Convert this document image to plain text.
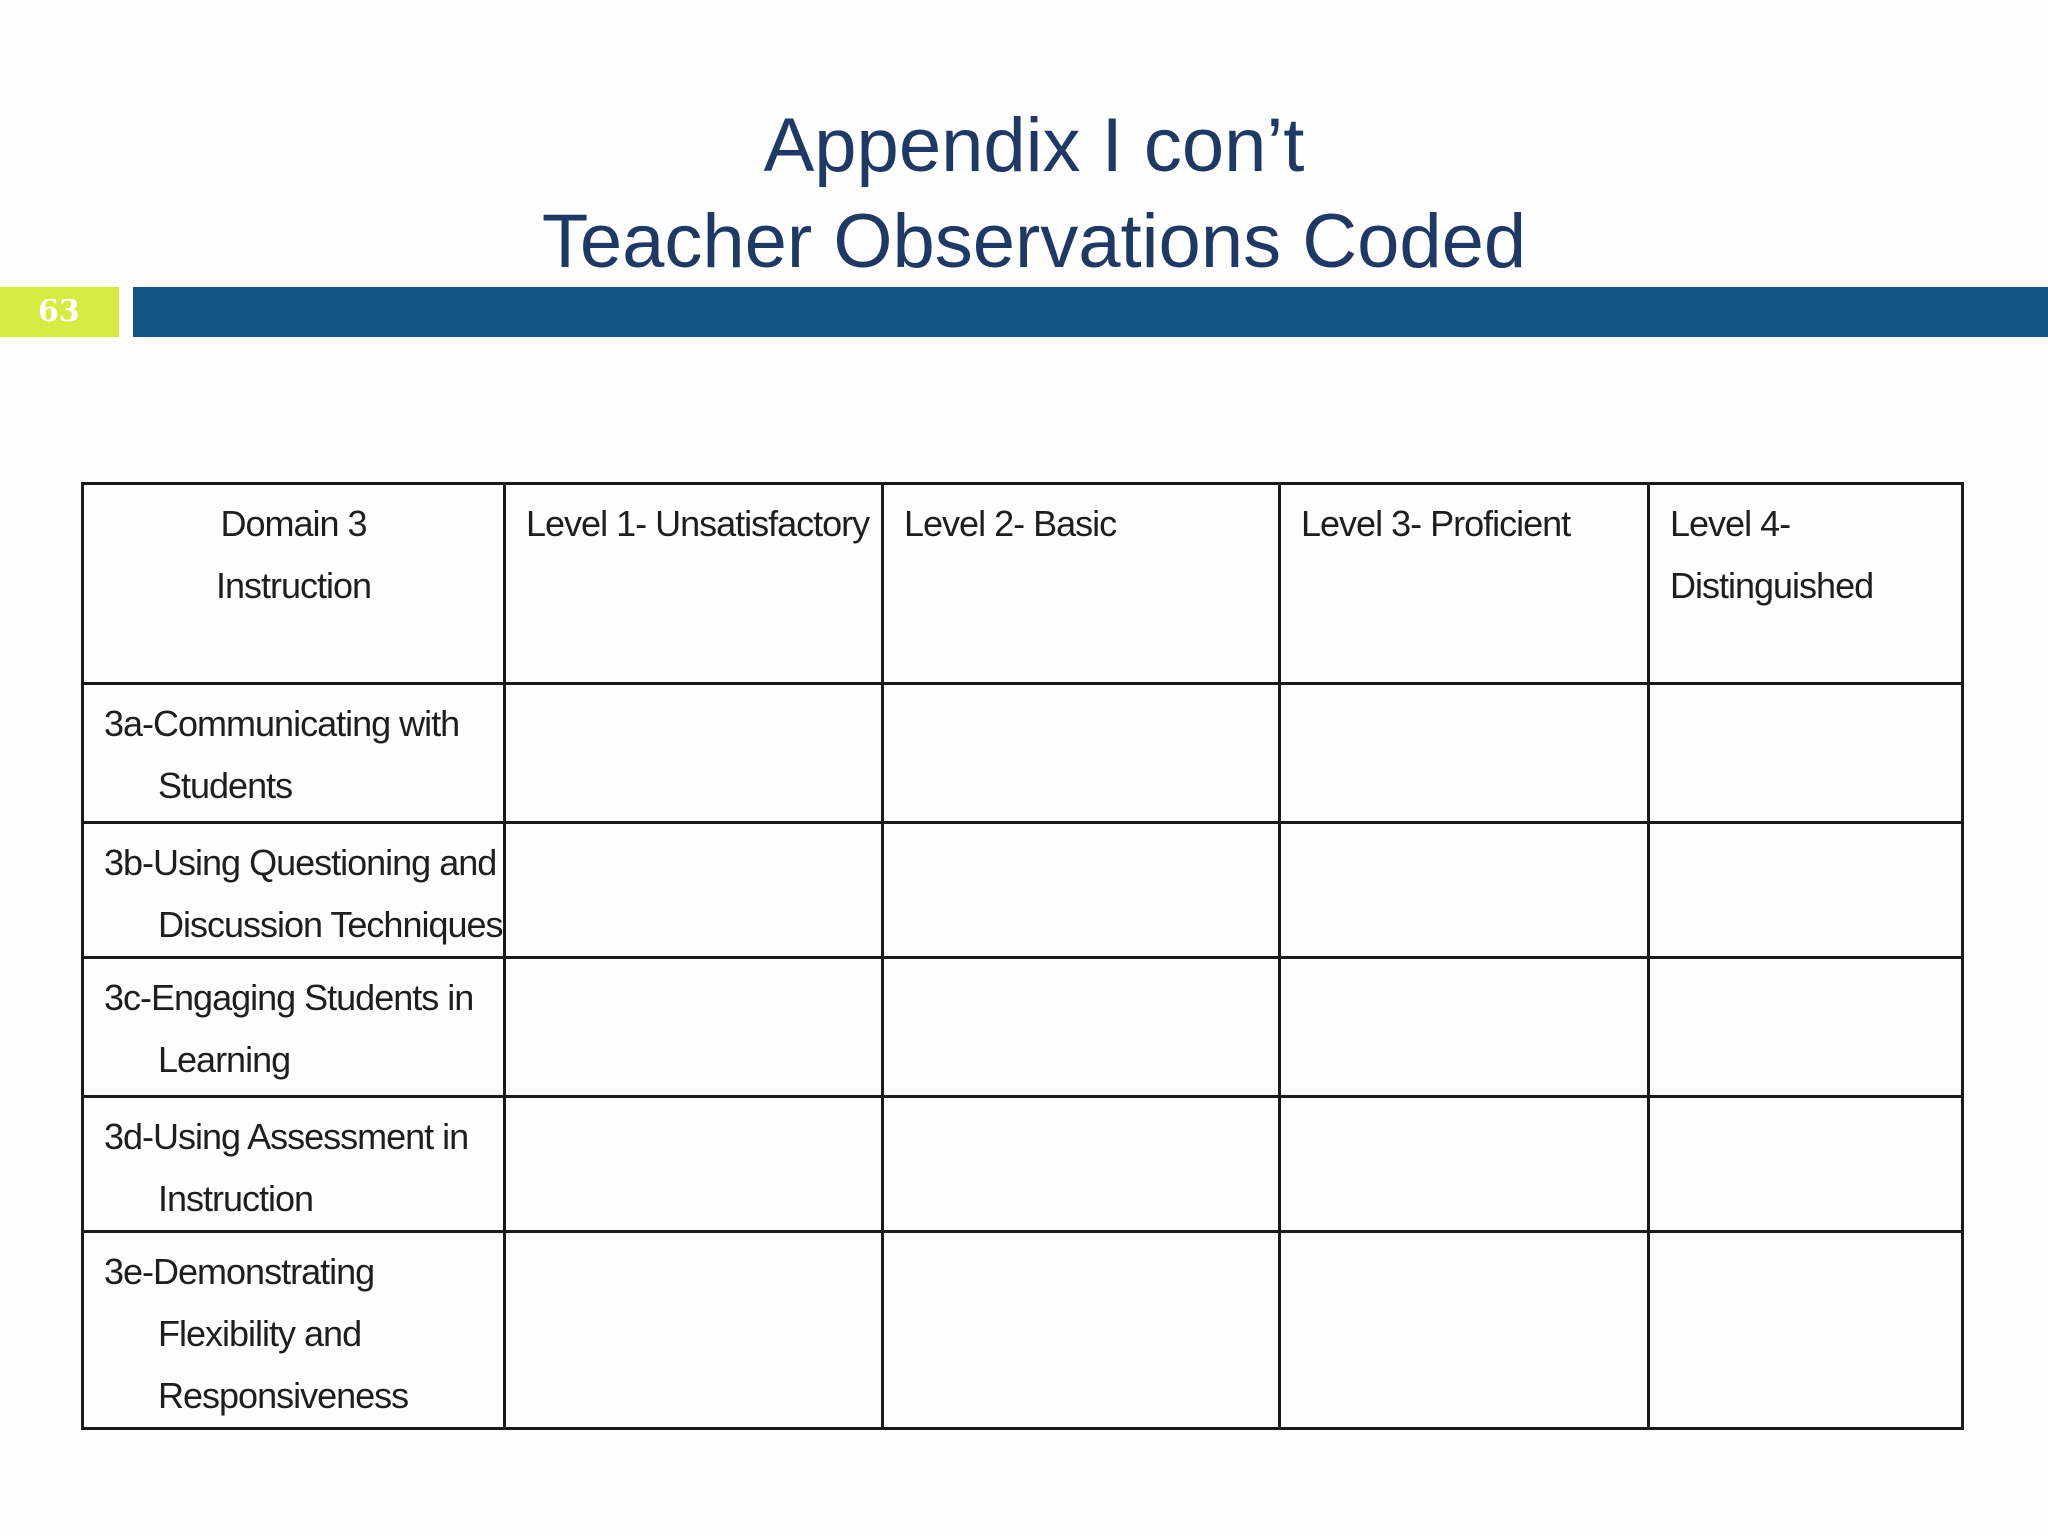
Appendix I con’t
Teacher Observations Coded
63
Domain 3
Instruction	Level 1- Unsatisfactory	Level 2- Basic	Level 3- Proficient	Level 4- Distinguished

3a-Communicating with Students				

3b-Using Questioning and Discussion Techniques				

3c-Engaging Students in Learning				

3d-Using Assessment in Instruction				

3e-Demonstrating Flexibility and Responsiveness				
